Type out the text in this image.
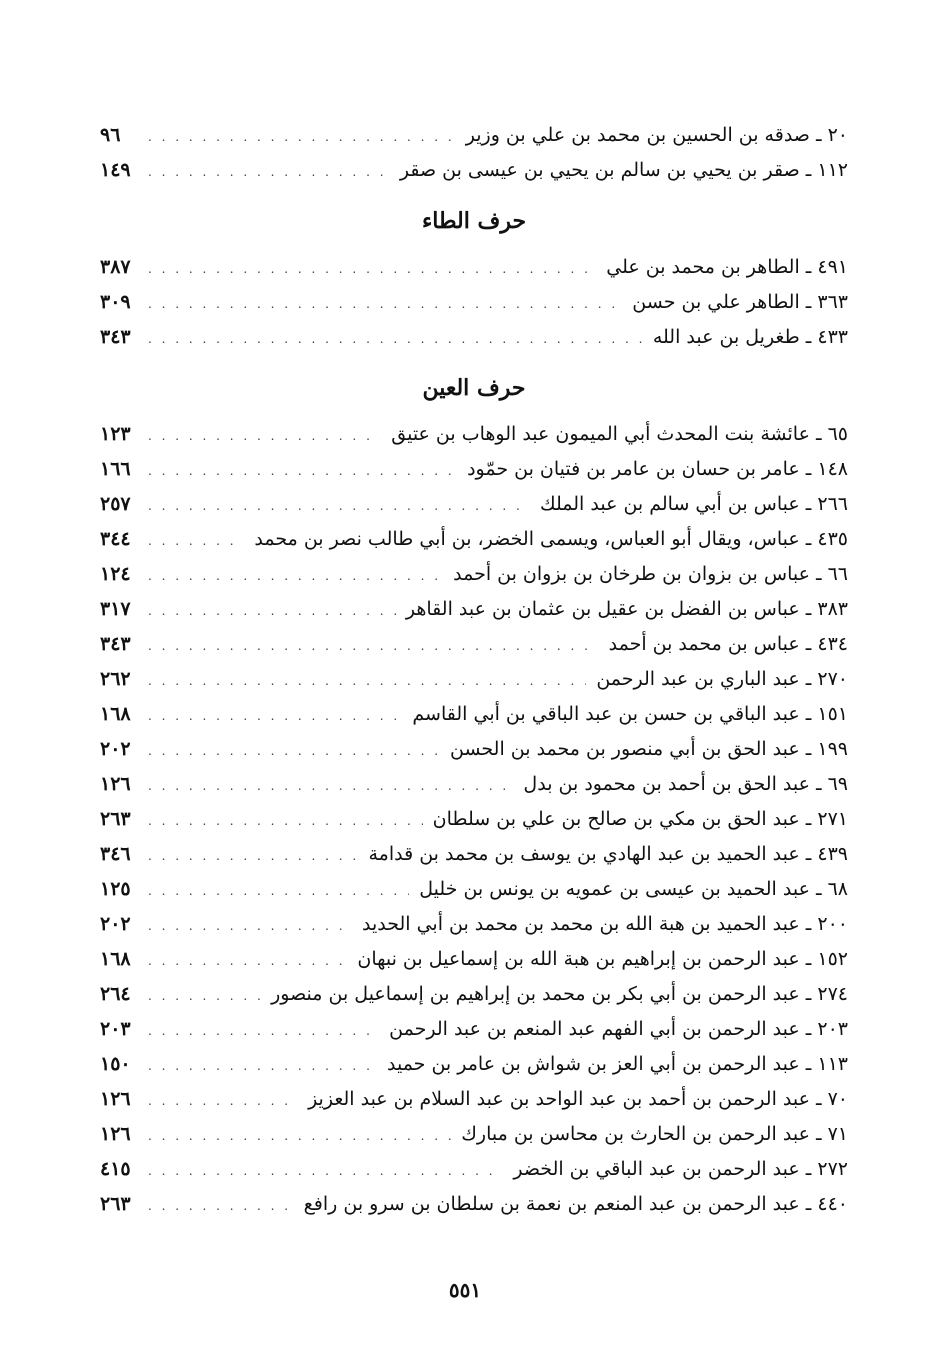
٢٠ ـ صدقه بن الحسين بن محمد بن علي بن وزير
. . .
٩٦
١١٢ ـ صقر بن يحيي بن سالم بن يحيي بن عيسى بن صقر
. . .
١٤٩
حرف الطاء
٤٩١ ـ الطاهر بن محمد بن علي
. . .
٣٨٧
٣٦٣ ـ الطاهر علي بن حسن
. . .
٣٠٩
٤٣٣ ـ طغريل بن عبد الله
. . .
٣٤٣
حرف العين
٦٥ ـ عائشة بنت المحدث أبي الميمون عبد الوهاب بن عتيق
. . .
١٢٣
١٤٨ ـ عامر بن حسان بن عامر بن فتيان بن حمّود
. . .
١٦٦
٢٦٦ ـ عباس بن أبي سالم بن عبد الملك
. . .
٢٥٧
٤٣٥ ـ عباس، ويقال أبو العباس، ويسمى الخضر، بن أبي طالب نصر بن محمد
. . .
٣٤٤
٦٦ ـ عباس بن بزوان بن طرخان بن بزوان بن أحمد
. . .
١٢٤
٣٨٣ ـ عباس بن الفضل بن عقيل بن عثمان بن عبد القاهر
. . .
٣١٧
٤٣٤ ـ عباس بن محمد بن أحمد
. . .
٣٤٣
٢٧٠ ـ عبد الباري بن عبد الرحمن
. . .
٢٦٢
١٥١ ـ عبد الباقي بن حسن بن عبد الباقي بن أبي القاسم
. . .
١٦٨
١٩٩ ـ عبد الحق بن أبي منصور بن محمد بن الحسن
. . .
٢٠٢
٦٩ ـ عبد الحق بن أحمد بن محمود بن بدل
. . .
١٢٦
٢٧١ ـ عبد الحق بن مكي بن صالح بن علي بن سلطان
. . .
٢٦٣
٤٣٩ ـ عبد الحميد بن عبد الهادي بن يوسف بن محمد بن قدامة
. . .
٣٤٦
٦٨ ـ عبد الحميد بن عيسى بن عمويه بن يونس بن خليل
. . .
١٢٥
٢٠٠ ـ عبد الحميد بن هبة الله بن محمد بن محمد بن أبي الحديد
. . .
٢٠٢
١٥٢ ـ عبد الرحمن بن إبراهيم بن هبة الله بن إسماعيل بن نبهان
. . .
١٦٨
٢٧٤ ـ عبد الرحمن بن أبي بكر بن محمد بن إبراهيم بن إسماعيل بن منصور
. . .
٢٦٤
٢٠٣ ـ عبد الرحمن بن أبي الفهم عبد المنعم بن عبد الرحمن
. . .
٢٠٣
١١٣ ـ عبد الرحمن بن أبي العز بن شواش بن عامر بن حميد
. . .
١٥٠
٧٠ ـ عبد الرحمن بن أحمد بن عبد الواحد بن عبد السلام بن عبد العزيز
. . .
١٢٦
٧١ ـ عبد الرحمن بن الحارث بن محاسن بن مبارك
. . .
١٢٦
٢٧٢ ـ عبد الرحمن بن عبد الباقي بن الخضر
. . .
٤١٥
٤٤٠ ـ عبد الرحمن بن عبد المنعم بن نعمة بن سلطان بن سرو بن رافع
. . .
٢٦٣
٥٥١
